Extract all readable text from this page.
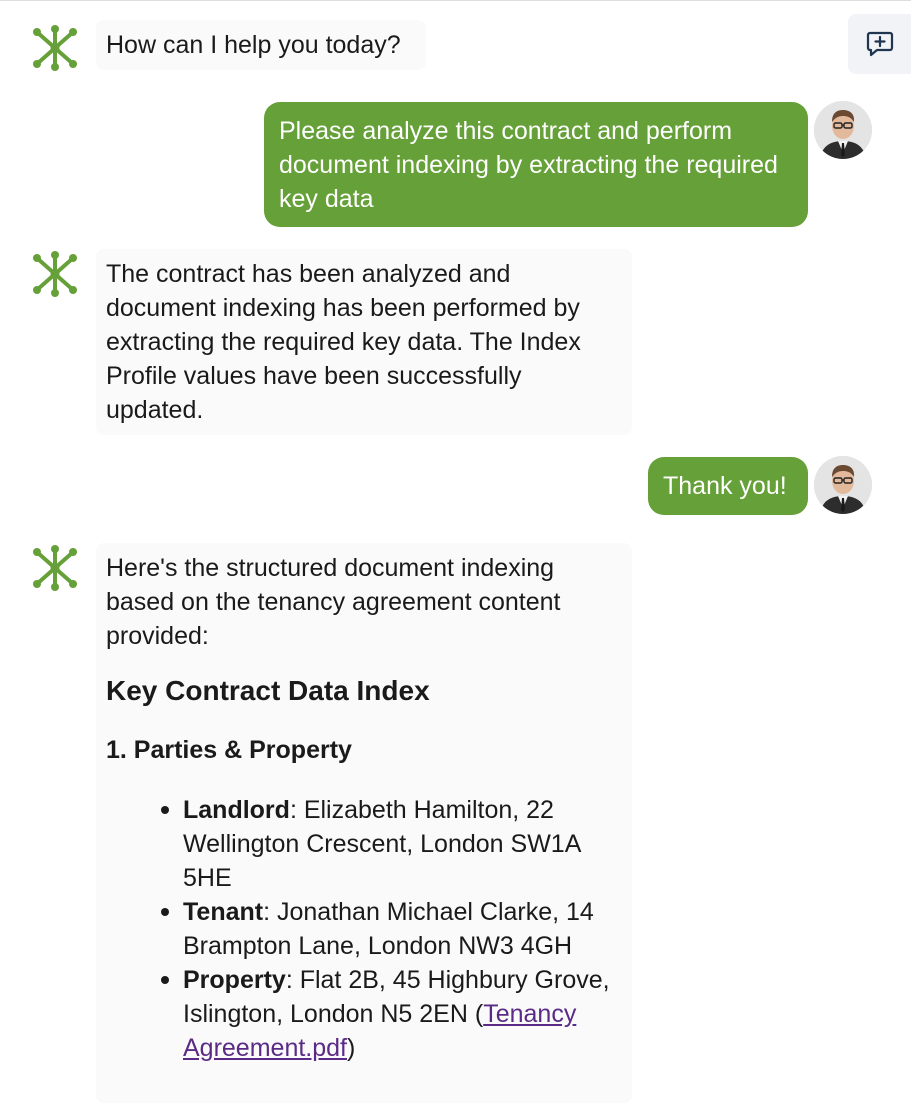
How can I help you today?
Please analyze this contract and perform document indexing by extracting the required key data
The contract has been analyzed and document indexing has been performed by extracting the required key data. The Index Profile values have been successfully updated.
Thank you!
Here's the structured document indexing based on the tenancy agreement content provided:
Key Contract Data Index
1. Parties & Property
Landlord: Elizabeth Hamilton, 22 Wellington Crescent, London SW1A 5HE
Tenant: Jonathan Michael Clarke, 14 Brampton Lane, London NW3 4GH
Property: Flat 2B, 45 Highbury Grove, Islington, London N5 2EN (Tenancy Agreement.pdf)
